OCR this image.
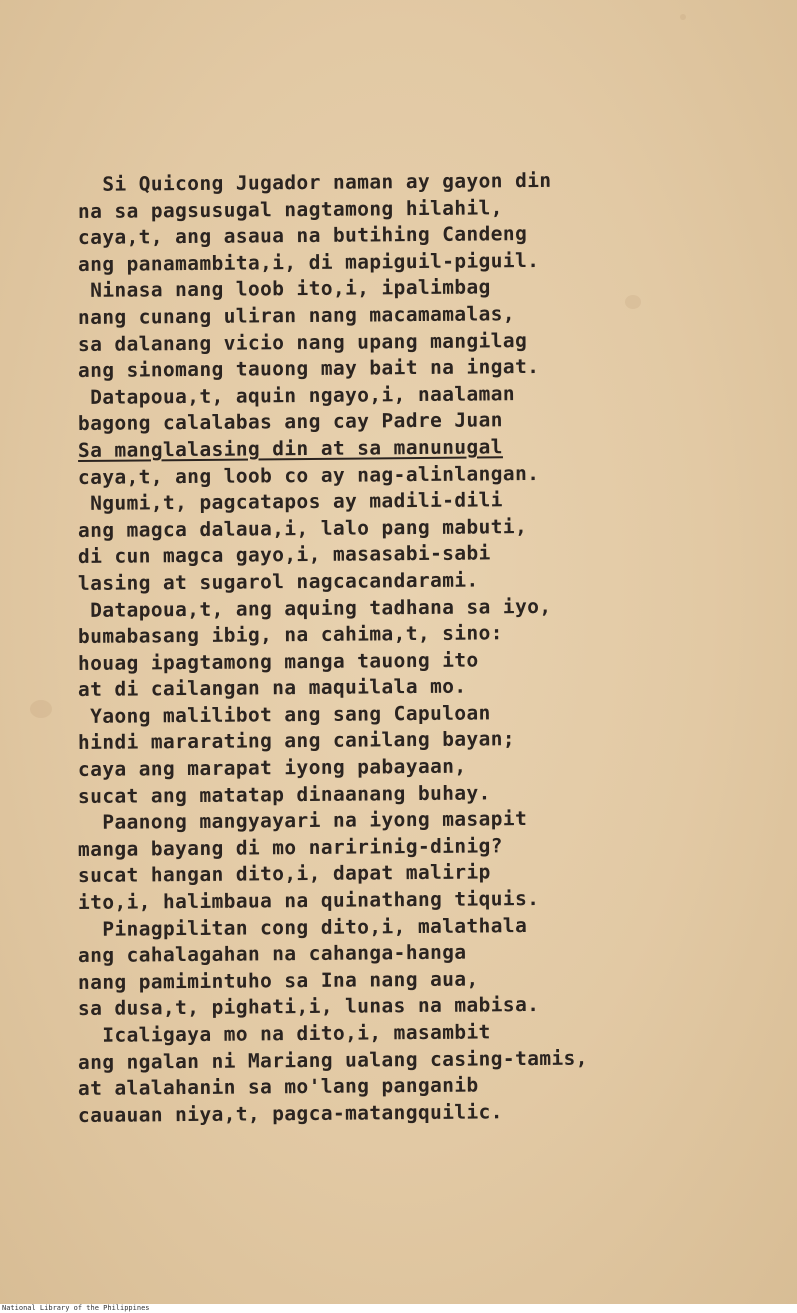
Si Quicong Jugador naman ay gayon din
na sa pagsusugal nagtamong hilahil,
caya,t, ang asaua na butihing Candeng
ang panamambita,i, di mapiguil-piguil.
Ninasa nang loob ito,i, ipalimbag
nang cunang uliran nang macamamalas,
sa dalanang vicio nang upang mangilag
ang sinomang tauong may bait na ingat.
Datapoua,t, aquin ngayo,i, naalaman
bagong calalabas ang cay Padre Juan
Sa manglalasing din at sa manunugal
caya,t, ang loob co ay nag-alinlangan.
Ngumi,t, pagcatapos ay madili-dili
ang magca dalaua,i, lalo pang mabuti,
di cun magca gayo,i, masasabi-sabi
lasing at sugarol nagcacandarami.
Datapoua,t, ang aquing tadhana sa iyo,
bumabasang ibig, na cahima,t, sino:
houag ipagtamong manga tauong ito
at di cailangan na maquilala mo.
Yaong malilibot ang sang Capuloan
hindi mararating ang canilang bayan;
caya ang marapat iyong pabayaan,
sucat ang matatap dinaanang buhay.
Paanong mangyayari na iyong masapit
manga bayang di mo naririnig-dinig?
sucat hangan dito,i, dapat malirip
ito,i, halimbaua na quinathang tiquis.
Pinagpilitan cong dito,i, malathala
ang cahalagahan na cahanga-hanga
nang pamimintuho sa Ina nang aua,
sa dusa,t, pighati,i, lunas na mabisa.
Icaligaya mo na dito,i, masambit
ang ngalan ni Mariang ualang casing-tamis,
at alalahanin sa mo'lang panganib
cauauan niya,t, pagca-matangquilic.
National Library of the Philippines
